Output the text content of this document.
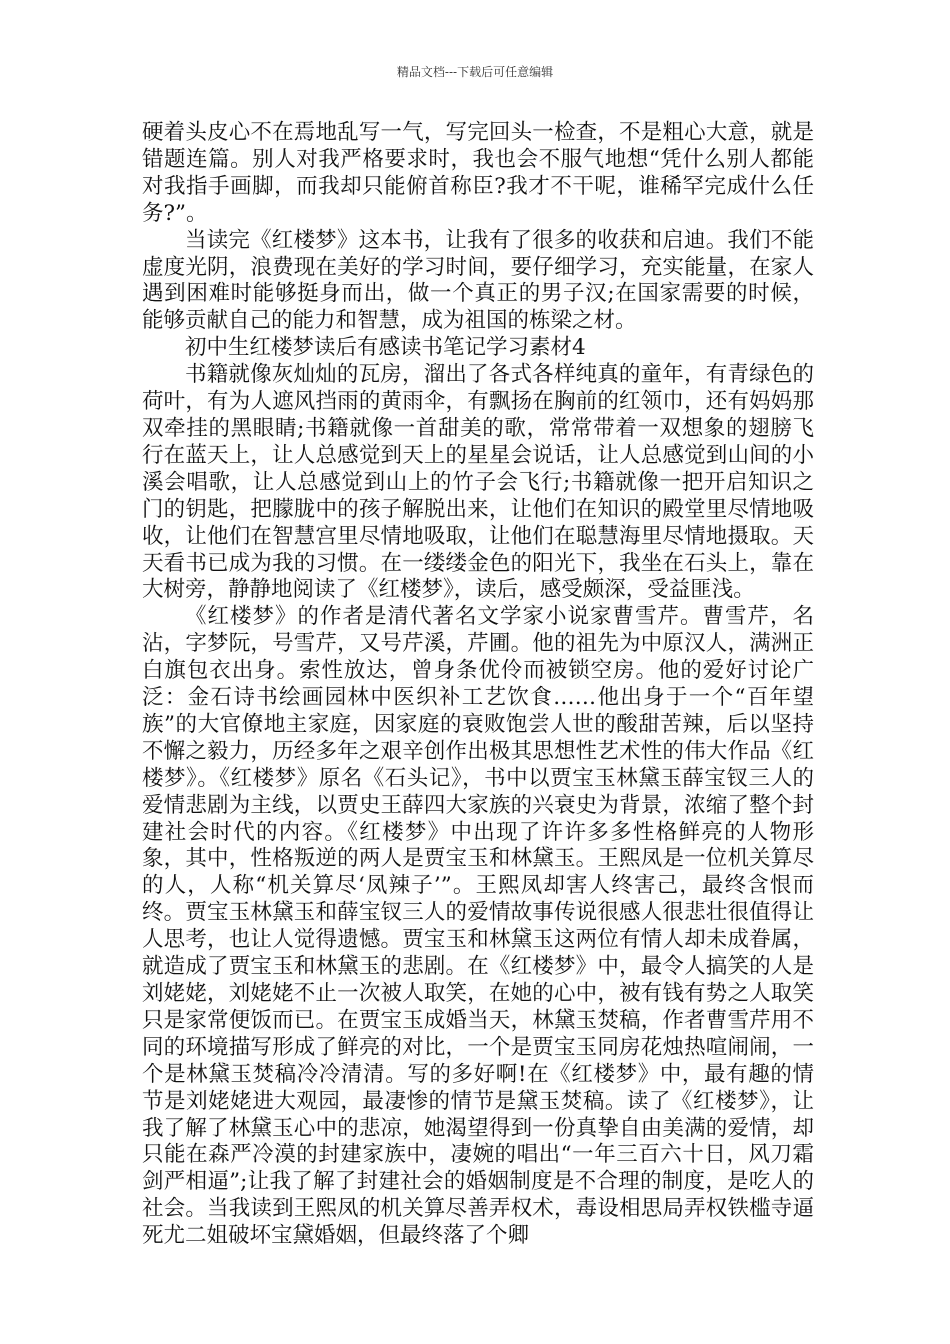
精品文档---下载后可任意编辑

硬着头皮心不在焉地乱写一气，写完回头一检查，不是粗心大意，就是错题连篇。别人对我严格要求时，我也会不服气地想“凭什么别人都能对我指手画脚，而我却只能俯首称臣?我才不干呢，谁稀罕完成什么任务?”。

当读完《红楼梦》这本书，让我有了很多的收获和启迪。我们不能虚度光阴，浪费现在美好的学习时间，要仔细学习，充实能量，在家人遇到困难时能够挺身而出，做一个真正的男子汉;在国家需要的时候，能够贡献自己的能力和智慧，成为祖国的栋梁之材。

初中生红楼梦读后有感读书笔记学习素材4

书籍就像灰灿灿的瓦房，溜出了各式各样纯真的童年，有青绿色的荷叶，有为人遮风挡雨的黄雨伞，有飘扬在胸前的红领巾，还有妈妈那双牵挂的黑眼睛;书籍就像一首甜美的歌，常常带着一双想象的翅膀飞行在蓝天上，让人总感觉到天上的星星会说话，让人总感觉到山间的小溪会唱歌，让人总感觉到山上的竹子会飞行;书籍就像一把开启知识之门的钥匙，把朦胧中的孩子解脱出来，让他们在知识的殿堂里尽情地吸收，让他们在智慧宫里尽情地吸取，让他们在聪慧海里尽情地摄取。天天看书已成为我的习惯。在一缕缕金色的阳光下，我坐在石头上，靠在大树旁，静静地阅读了《红楼梦》，读后，感受颇深，受益匪浅。

《红楼梦》的作者是清代著名文学家小说家曹雪芹。曹雪芹，名沾，字梦阮，号雪芹，又号芹溪，芹圃。他的祖先为中原汉人，满洲正白旗包衣出身。索性放达，曾身条优伶而被锁空房。他的爱好讨论广泛：金石诗书绘画园林中医织补工艺饮食……他出身于一个“百年望族”的大官僚地主家庭，因家庭的衰败饱尝人世的酸甜苦辣，后以坚持不懈之毅力，历经多年之艰辛创作出极其思想性艺术性的伟大作品《红楼梦》。《红楼梦》原名《石头记》，书中以贾宝玉林黛玉薛宝钗三人的爱情悲剧为主线，以贾史王薛四大家族的兴衰史为背景，浓缩了整个封建社会时代的内容。《红楼梦》中出现了许许多多性格鲜亮的人物形象，其中，性格叛逆的两人是贾宝玉和林黛玉。王熙凤是一位机关算尽的人，人称“机关算尽‘凤辣子’”。王熙凤却害人终害己，最终含恨而终。贾宝玉林黛玉和薛宝钗三人的爱情故事传说很感人很悲壮很值得让人思考，也让人觉得遗憾。贾宝玉和林黛玉这两位有情人却未成眷属，就造成了贾宝玉和林黛玉的悲剧。在《红楼梦》中，最令人搞笑的人是刘姥姥，刘姥姥不止一次被人取笑，在她的心中，被有钱有势之人取笑只是家常便饭而已。在贾宝玉成婚当天，林黛玉焚稿，作者曹雪芹用不同的环境描写形成了鲜亮的对比，一个是贾宝玉同房花烛热喧闹闹，一个是林黛玉焚稿冷冷清清。写的多好啊!在《红楼梦》中，最有趣的情节是刘姥姥进大观园，最凄惨的情节是黛玉焚稿。读了《红楼梦》，让我了解了林黛玉心中的悲凉，她渴望得到一份真挚自由美满的爱情，却只能在森严冷漠的封建家族中，凄婉的唱出“一年三百六十日，风刀霜剑严相逼”;让我了解了封建社会的婚姻制度是不合理的制度，是吃人的社会。当我读到王熙凤的机关算尽善弄权术，毒设相思局弄权铁槛寺逼死尤二姐破坏宝黛婚姻，但最终落了个卿
